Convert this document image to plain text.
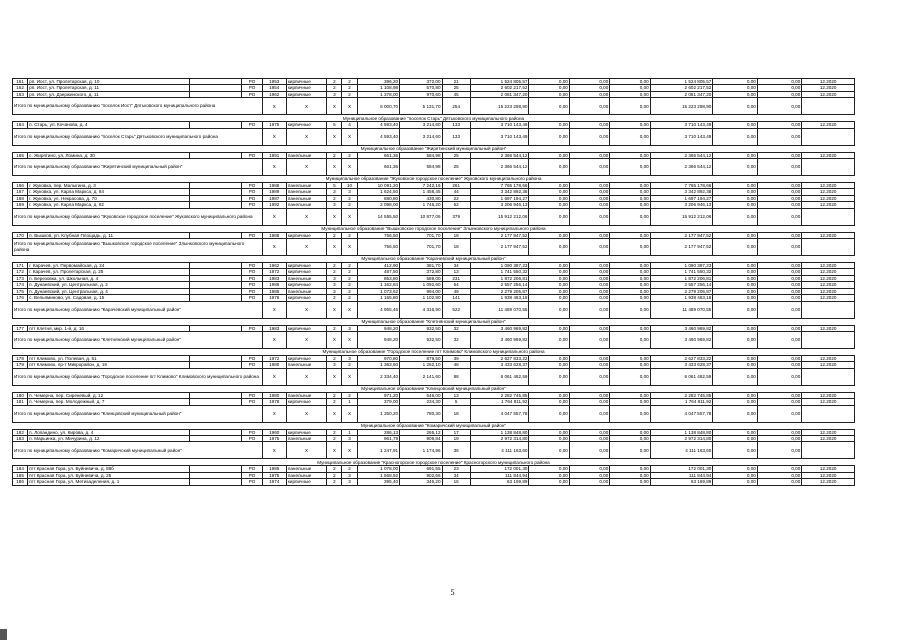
161	рп. Иост, ул. Пролетарская, д. 10		РО	1953	кирпичные	2	2	396,20	372,00	21	1 524 805,57	0,00	0,00	0,00	1 524 805,57	0,00	0,00	12.2020
162	рп. Иост, ул. Пролетарская, д. 11		РО	1954	кирпичные	2	2	1 108,98	570,80	25	2 602 217,52	0,00	0,00	0,00	2 602 217,52	0,00	0,00	12.2020
163	рп. Иост, ул. Дзержинского, д. 11		РО	1962	кирпичные	3	2	1 378,00	970,60	45	2 081 347,20	0,00	0,00	0,00	2 081 347,20	0,00	0,00	12.2020
Итого по муниципальному образованию "поселок Иост" Дятьковского муниципального района				X	X	X	X	6 000,70	5 131,70	254	15 223 298,90	0,00	0,00	0,00	15 223 298,90	0,00	0,00	
Муниципальное образование "поселок Старь" Дятьковского муниципального района																		
164	п. Старь, ул. Кочанова, д. 4		РО	1975	кирпичные	5	4	4 593,40	3 214,60	133	3 710 143,49	0,00	0,00	0,00	3 710 143,49	0,00	0,00	12.2020
Итого по муниципальному образованию "поселок Старь" Дятьковского муниципального района				X	X	X	X	4 593,40	3 214,60	133	3 710 143,49	0,00	0,00	0,00	3 710 143,49	0,00	0,00	
Муниципальное образование "Жирятинский муниципальный район"																		
165	с. Жирятино, ул. Ломина, д. 30		РО	1991	панельные	2	2	661,36	584,98	25	2 366 544,12	0,00	0,00	0,00	2 366 544,12	0,00	0,00	12.2020
Итого по муниципальному образованию "Жирятинский муниципальный район"				X	X	X	X	661,36	584,98	25	2 366 544,12	0,00	0,00	0,00	2 366 544,12	0,00	0,00	
Муниципальное образование "Жуковское городское поселение" Жуковского муниципального района																		
166	г. Жуковка, пер. Малыгина, д. 3		РО	1988	панельные	5	10	10 091,20	7 242,16	261	7 765 178,66	0,00	0,00	0,00	7 765 178,66	0,00	0,00	12.2020
167	г. Жуковка, ул. Карла Маркса, д. 84		РО	1989	панельные	3	3	1 624,50	1 458,45	44	3 342 892,38	0,00	0,00	0,00	3 342 892,38	0,00	0,00	12.2020
168	г. Жуковка, ул. Некрасова, д. 70		РО	1987	панельные	2	2	880,80	430,80	22	1 697 194,27	0,00	0,00	0,00	1 697 194,27	0,00	0,00	12.2020
169	г. Жуковка, ул. Карла Маркса, д. 82		РО	1992	панельные	3	2	2 098,00	1 746,20	52	3 206 946,13	0,00	0,00	0,00	3 206 946,13	0,00	0,00	12.2020
Итого по муниципальному образованию "Жуковское городское поселение" Жуковского муниципального района				X	X	X	X	14 555,50	10 877,06	379	15 912 212,06	0,00	0,00	0,00	15 912 212,06	0,00	0,00	
Муниципальное образование "Вышковское городское поселение" Злынковского муниципального района																		
170	п. Вышков, ул. Клубная Площадь, д. 11		РО	1988	кирпичные	2	2	756,50	701,70	18	2 177 947,52	0,00	0,00	0,00	2 177 947,52	0,00	0,00	12.2020
Итого по муниципальному образованию "Вышковское городское поселение" Злынковского муниципального района				X	X	X	X	756,50	701,70	18	2 177 947,52	0,00	0,00	0,00	2 177 947,52	0,00	0,00	
Муниципальное образование "Карачевский муниципальный район"																		
171	г. Карачев, ул. Первомайская, д. 24		РО	1962	кирпичные	2	2	412,90	381,70	34	1 090 387,23	0,00	0,00	0,00	1 090 387,23	0,00	0,00	12.2020
172	г. Карачев, ул. Пролетарская, д. 25		РО	1972	кирпичные	2	2	487,50	372,80	13	1 741 550,32	0,00	0,00	0,00	1 741 550,32	0,00	0,00	12.2020
173	п. Березовка, ул. Школьная, д. 4		РО	1983	панельные	3	2	853,80	589,00	231	1 872 206,81	0,00	0,00	0,00	1 872 206,81	0,00	0,00	12.2020
174	п. Дунаевский, ул. Центральная, д. 2		РО	1986	кирпичные	3	2	1 162,84	1 092,60	54	2 557 256,14	0,00	0,00	0,00	2 557 256,14	0,00	0,00	12.2020
175	п. Дунаевский, ул. Центральная, д. 4		РО	1985	панельные	3	2	1 073,62	994,00	49	2 279 205,87	0,00	0,00	0,00	2 279 205,87	0,00	0,00	12.2020
176	с. Вельяминово, ул. Садовая, д. 15		РО	1976	кирпичные	2	2	1 165,80	1 102,80	141	1 938 463,18	0,00	0,00	0,00	1 938 463,18	0,00	0,00	12.2020
Итого по муниципальному образованию "Карачевский муниципальный район"				X	X	X	X	4 955,46	4 316,90	522	11 489 070,55	0,00	0,00	0,00	11 489 070,55	0,00	0,00	
Муниципальное образование "Клетнянский муниципальный район"																		
177	пгт Клетня, мкр. 1-й, д. 16		РО	1983	кирпичные	2	3	948,20	932,50	32	3 460 969,82	0,00	0,00	0,00	3 460 969,82	0,00	0,00	12.2020
Итого по муниципальному образованию "Клетнянский муниципальный район"				X	X	X	X	948,20	932,50	32	3 460 969,82	0,00	0,00	0,00	3 460 969,82	0,00	0,00	
Муниципальное образование "Городское поселение пгт Климово" Климовского муниципального района																		
178	пгт Климово, ул. Полевая, д. 51		РО	1972	кирпичные	2	3	970,80	879,50	39	2 627 833,22	0,00	0,00	0,00	2 627 833,22	0,00	0,00	12.2020
179	пгт Климово, пр-т Микрорайон, д. 19		РО	1980	панельные	3	2	1 363,60	1 262,10	48	3 433 628,37	0,00	0,00	0,00	3 433 628,37	0,00	0,00	12.2020
Итого по муниципальному образованию "Городское поселение пгт Климово" Климовского муниципального района				X	X	X	X	2 334,40	2 141,60	88	6 061 462,59	0,00	0,00	0,00	6 061 462,59	0,00	0,00	
Муниципальное образование "Клинцовский муниципальный район"																		
180	п. Чемерна, пер. Сиреневый, д. 12		РО	1980	панельные	2	2	971,20	546,00	13	2 282 745,85	0,00	0,00	0,00	2 282 745,85	0,00	0,00	12.2020
181	п. Чемерна, пер. Молодежный, д. 7		РО	1978	кирпичные	2	1	379,00	234,30	5	1 764 811,92	0,00	0,00	0,00	1 764 811,92	0,00	0,00	12.2020
Итого по муниципальному образованию "Клинцовский муниципальный район"				X	X	X	X	1 350,20	780,30	18	4 047 557,78	0,00	0,00	0,00	4 047 557,78	0,00	0,00	
Муниципальное образование "Комаричский муниципальный район"																		
182	п. Лопандино, ул. Кирова, д. 4		РО	1960	кирпичные	2	1	286,13	265,12	17	1 138 848,80	0,00	0,00	0,00	1 138 848,80	0,00	0,00	12.2020
183	п. Марьинка, ул. Мичурина, д. 12		РО	1975	панельные	2	3	961,79	909,84	19	2 972 314,80	0,00	0,00	0,00	2 972 314,80	0,00	0,00	12.2020
Итого по муниципальному образованию "Комаричский муниципальный район"				X	X	X	X	1 247,91	1 174,96	36	4 111 163,60	0,00	0,00	0,00	4 111 163,60	0,00	0,00	
Муниципальное образование "Красногорское городское поселение" Красногорского муниципального района																		
184	пгт Красная Гора, ул. Буйневича, д. 88б		РО	1985	панельные	2	2	1 078,00	691,55	23	172 001,30	0,00	0,00	0,00	172 001,30	0,00	0,00	12.2020
185	пгт Красная Гора, ул. Буйневича, д. 25		РО	1975	панельные	2	3	1 568,92	902,66	34	111 844,94	0,00	0,00	0,00	111 844,94	0,00	0,00	12.2020
186	пгт Красная Гора, ул. Метизаделения, д. 1		РО	1974	кирпичные	2	3	395,40	346,20	16	63 169,89	0,00	0,00	0,00	63 169,89	0,00	0,00	12.2020
5
